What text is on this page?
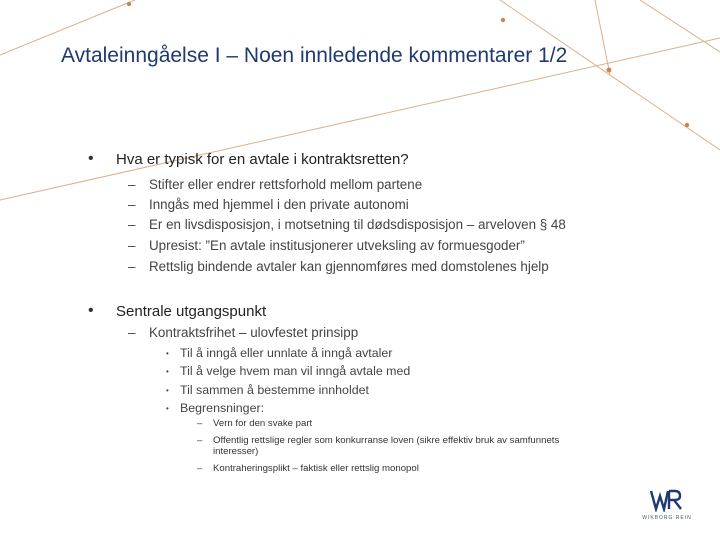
Avtaleinngåelse I – Noen innledende kommentarer 1/2
• Hva er typisk for en avtale i kontraktsretten?
– Stifter eller endrer rettsforhold mellom partene
– Inngås med hjemmel i den private autonomi
– Er en livsdisposisjon, i motsetning til dødsdisposisjon – arveloven § 48
– Upresist: ”En avtale institusjonerer utveksling av formuesgoder”
– Rettslig bindende avtaler kan gjennomføres med domstolenes hjelp
• Sentrale utgangspunkt
– Kontraktsfrihet – ulovfestet prinsipp
• Til å inngå eller unnlate å inngå avtaler
• Til å velge hvem man vil inngå avtale med
• Til sammen å bestemme innholdet
• Begrensninger:
– Vern for den svake part
– Offentlig rettslige regler som konkurranse loven (sikre effektiv bruk av samfunnets
interesser)
– Kontraheringsplikt – faktisk eller rettslig monopol
WIKBORG REIN
